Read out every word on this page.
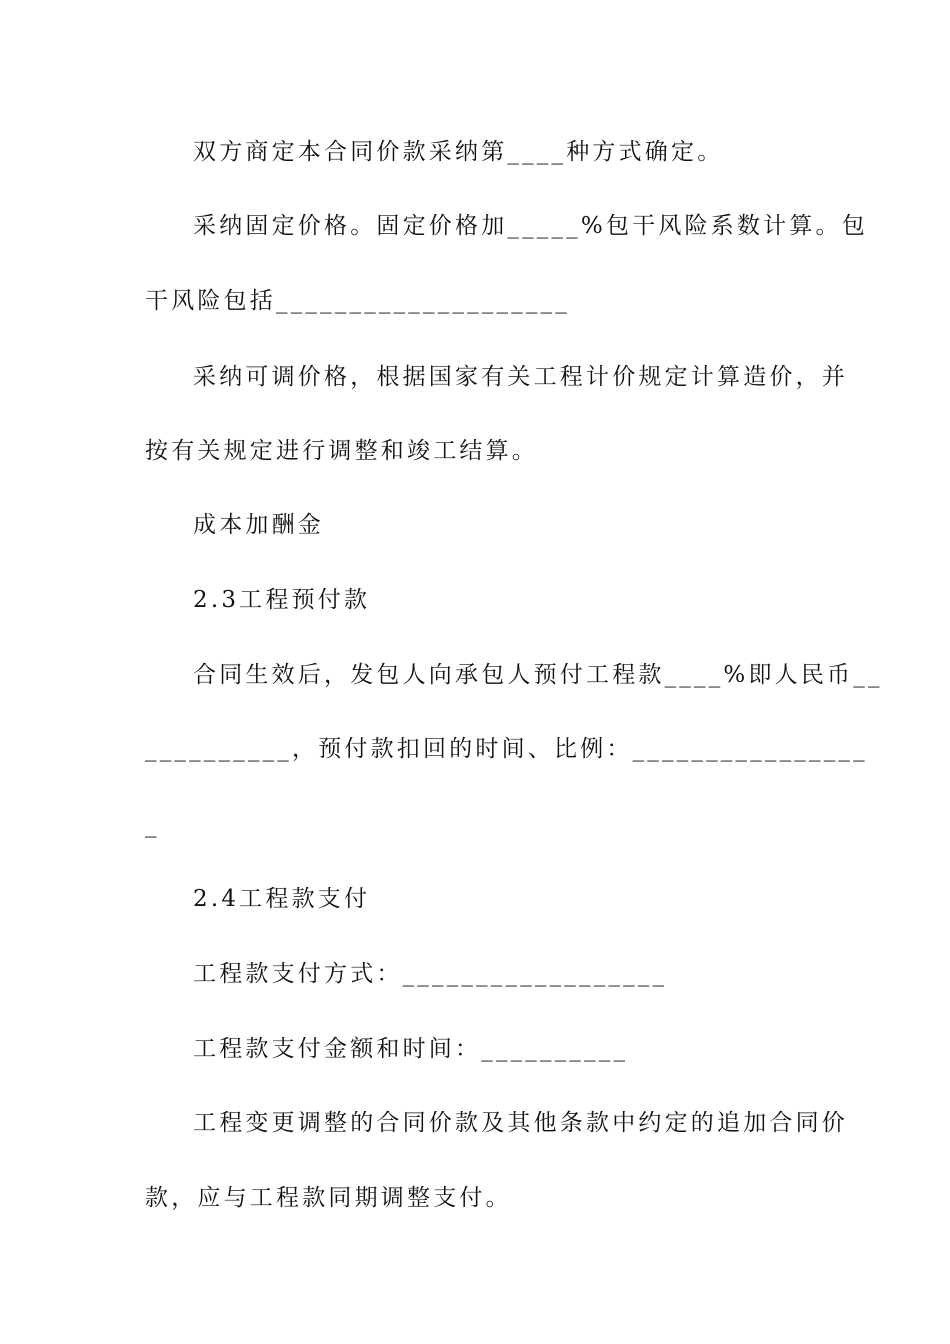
双方商定本合同价款采纳第____种方式确定。
采纳固定价格。固定价格加_____%包干风险系数计算。包
干风险包括____________________
采纳可调价格，根据国家有关工程计价规定计算造价，并
按有关规定进行调整和竣工结算。
成本加酬金
2.3工程预付款
合同生效后，发包人向承包人预付工程款____%即人民币__
__________，预付款扣回的时间、比例：________________
_
2.4工程款支付
工程款支付方式：__________________
工程款支付金额和时间：__________
工程变更调整的合同价款及其他条款中约定的追加合同价
款，应与工程款同期调整支付。
